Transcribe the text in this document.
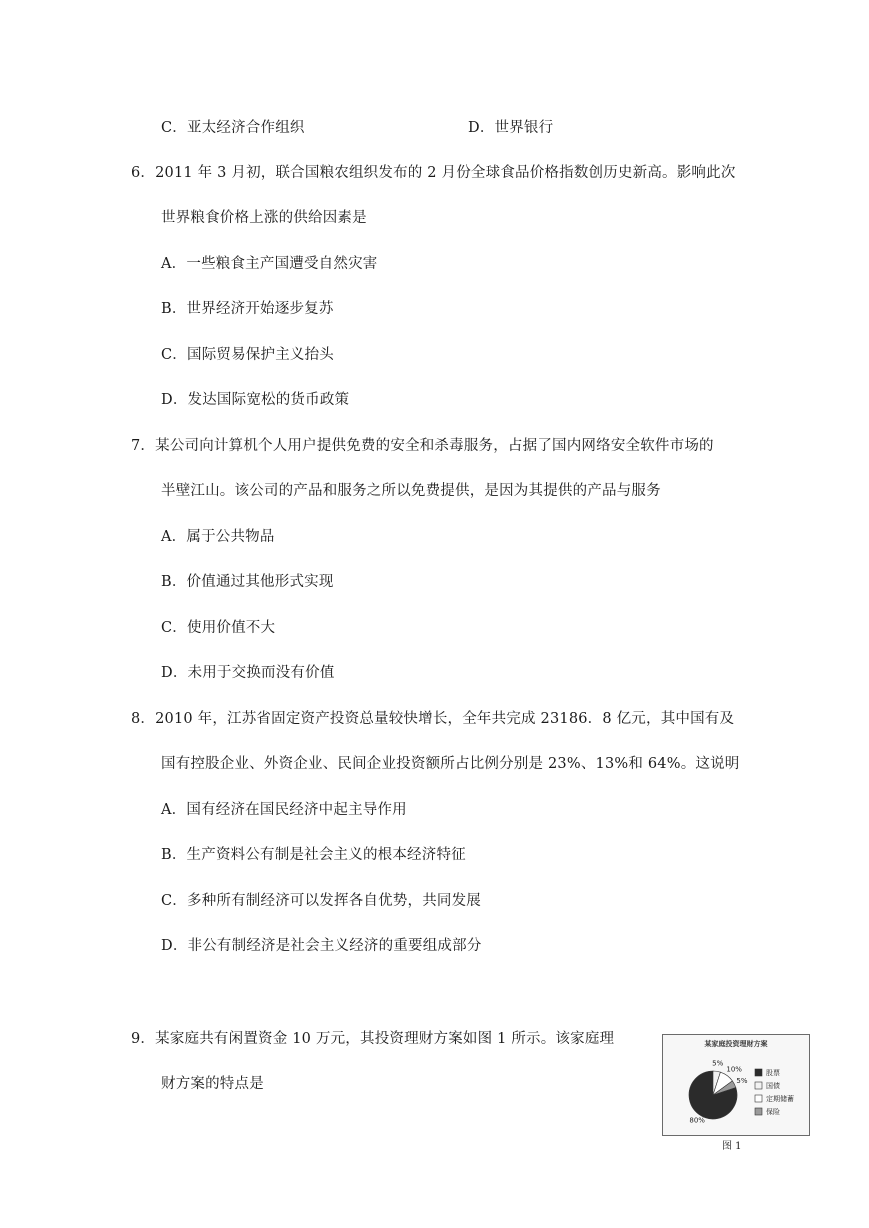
C．亚太经济合作组织	D．世界银行
6．2011 年 3 月初，联合国粮农组织发布的 2 月份全球食品价格指数创历史新高。影响此次
世界粮食价格上涨的供给因素是
A．一些粮食主产国遭受自然灾害
B．世界经济开始逐步复苏
C．国际贸易保护主义抬头
D．发达国际宽松的货币政策
7．某公司向计算机个人用户提供免费的安全和杀毒服务，占据了国内网络安全软件市场的
半壁江山。该公司的产品和服务之所以免费提供，是因为其提供的产品与服务
A．属于公共物品
B．价值通过其他形式实现
C．使用价值不大
D．未用于交换而没有价值
8．2010 年，江苏省固定资产投资总量较快增长，全年共完成 23186．8 亿元，其中国有及
国有控股企业、外资企业、民间企业投资额所占比例分别是 23%、13%和 64%。这说明
A．国有经济在国民经济中起主导作用
B．生产资料公有制是社会主义的根本经济特征
C．多种所有制经济可以发挥各自优势，共同发展
D．非公有制经济是社会主义经济的重要组成部分
9．某家庭共有闲置资金 10 万元，其投资理财方案如图 1 所示。该家庭理
财方案的特点是
某家庭投资理财方案
80%
5%
10%
5%
股票
国债
定期储蓄
保险
图 1
